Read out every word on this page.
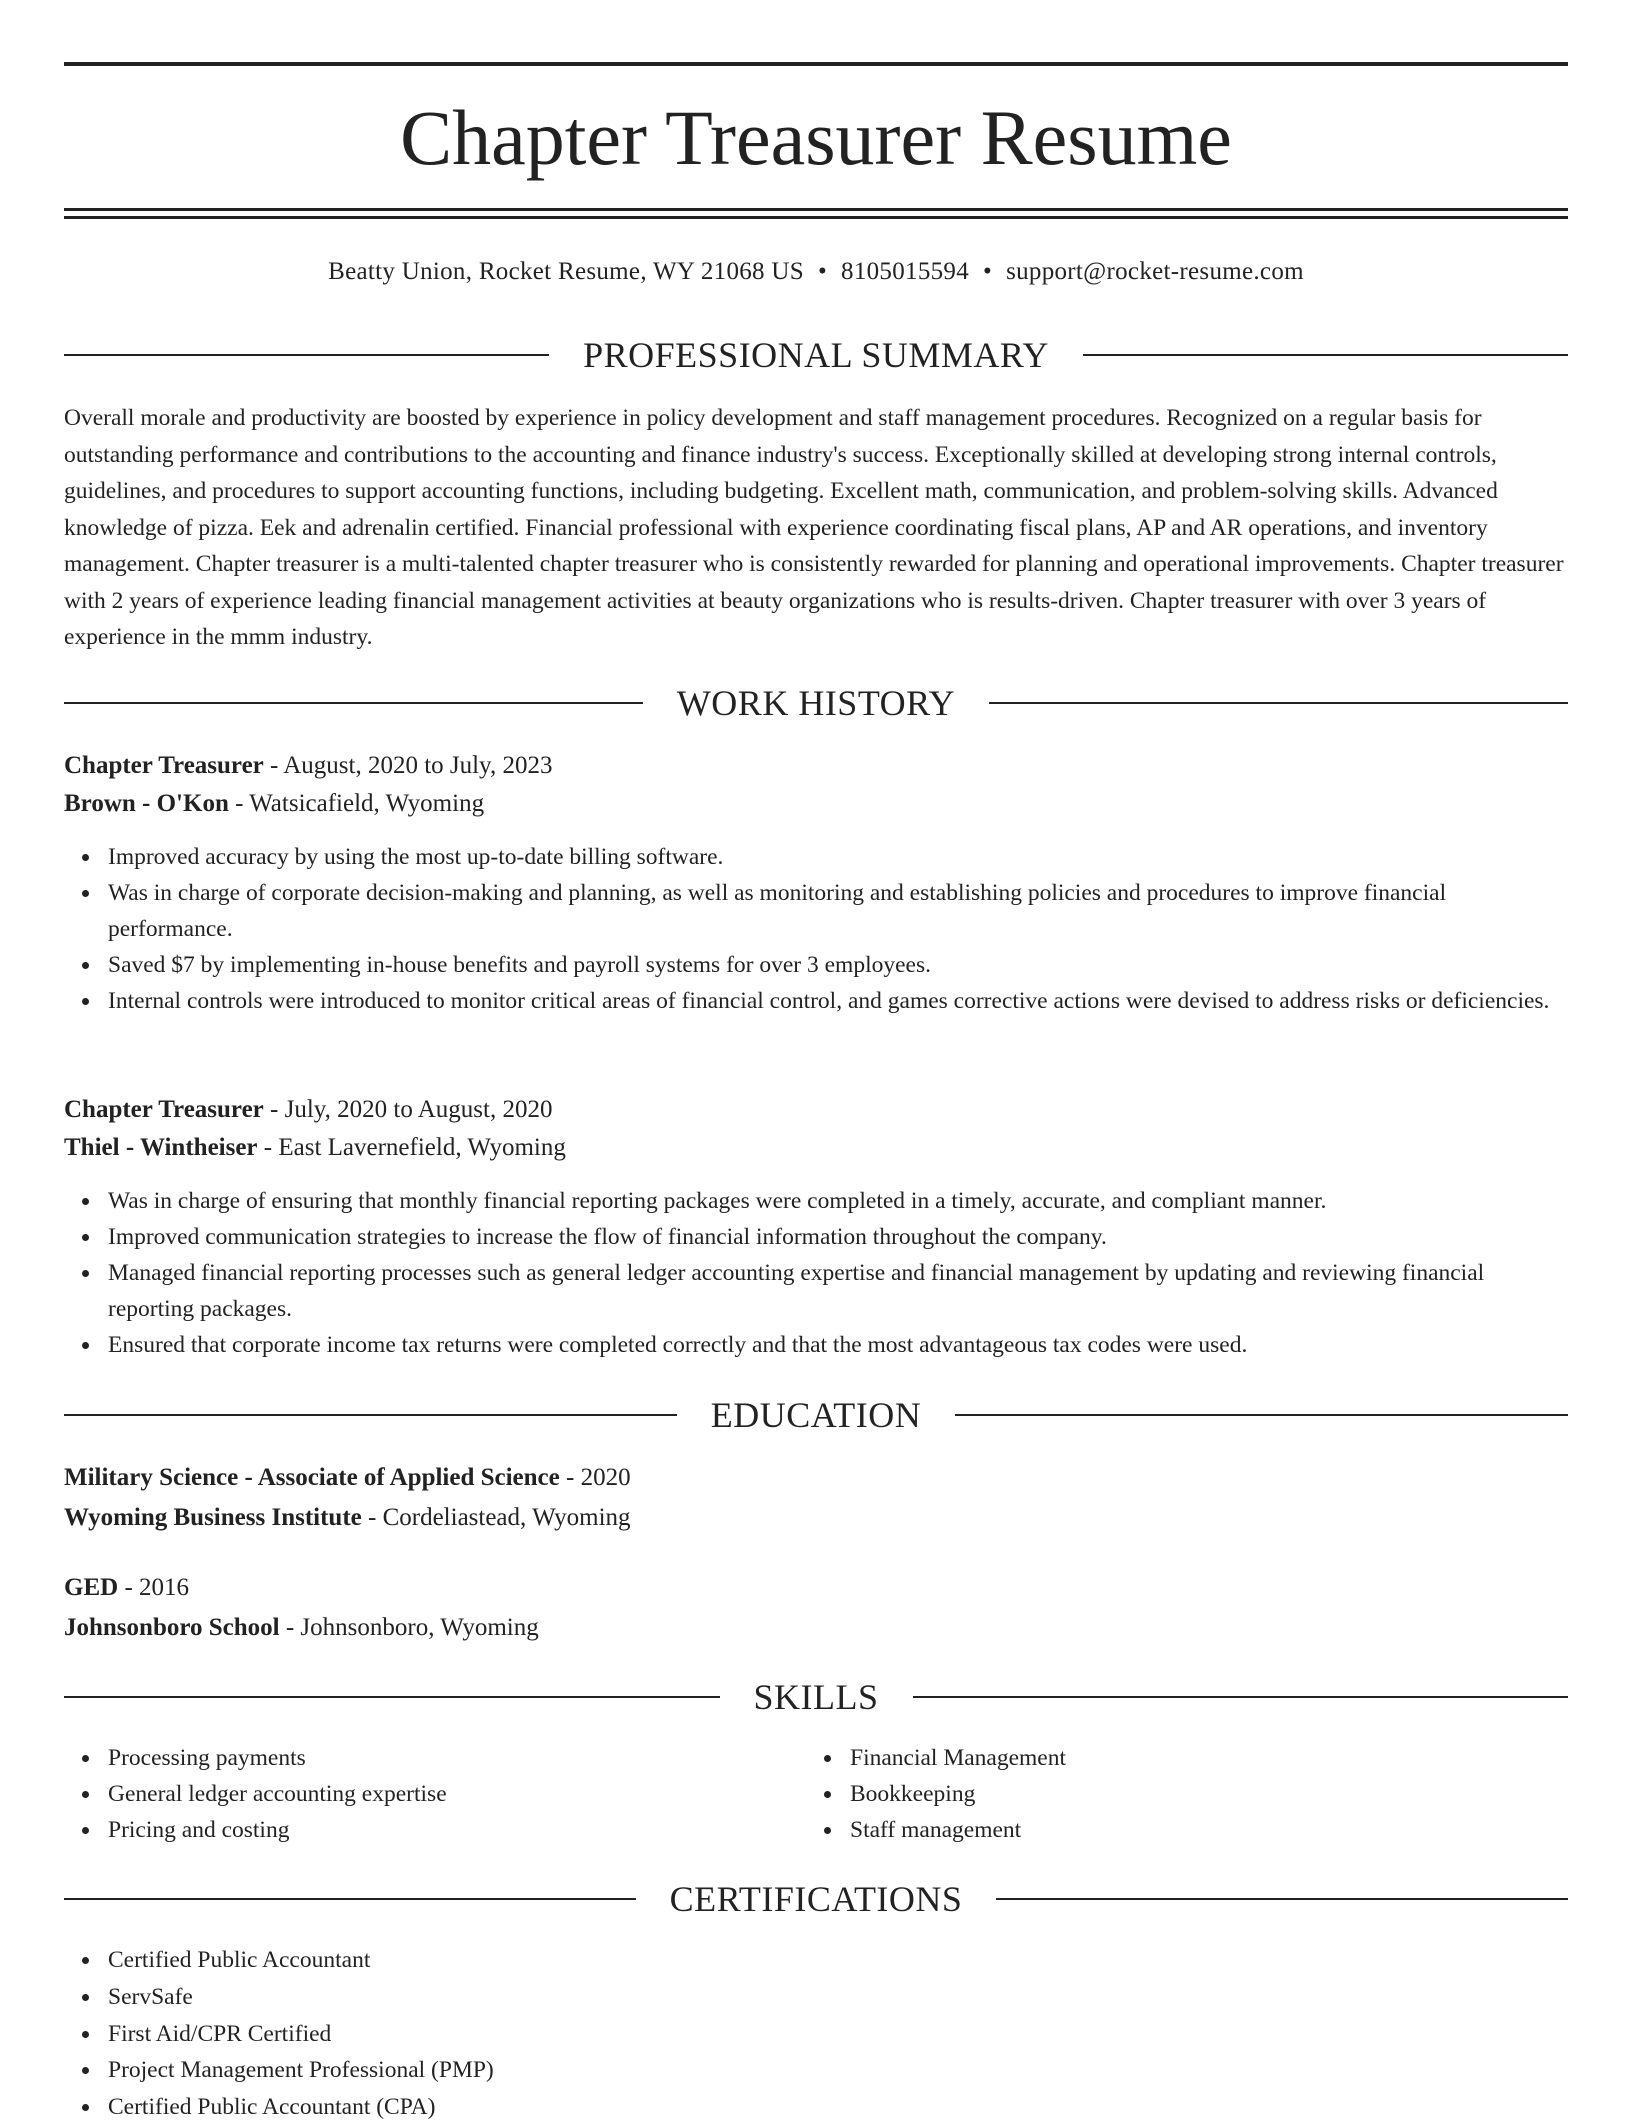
Chapter Treasurer Resume
Beatty Union, Rocket Resume, WY 21068 US • 8105015594 • support@rocket-resume.com
PROFESSIONAL SUMMARY

Overall morale and productivity are boosted by experience in policy development and staff management procedures. Recognized on a regular basis for outstanding performance and contributions to the accounting and finance industry's success. Exceptionally skilled at developing strong internal controls, guidelines, and procedures to support accounting functions, including budgeting. Excellent math, communication, and problem-solving skills. Advanced knowledge of pizza. Eek and adrenalin certified. Financial professional with experience coordinating fiscal plans, AP and AR operations, and inventory management. Chapter treasurer is a multi-talented chapter treasurer who is consistently rewarded for planning and operational improvements. Chapter treasurer with 2 years of experience leading financial management activities at beauty organizations who is results-driven. Chapter treasurer with over 3 years of experience in the mmm industry.

WORK HISTORY
Chapter Treasurer - August, 2020 to July, 2023
Brown - O'Kon - Watsicafield, Wyoming
Improved accuracy by using the most up-to-date billing software.
Was in charge of corporate decision-making and planning, as well as monitoring and establishing policies and procedures to improve financial performance.
Saved $7 by implementing in-house benefits and payroll systems for over 3 employees.
Internal controls were introduced to monitor critical areas of financial control, and games corrective actions were devised to address risks or deficiencies.
Chapter Treasurer - July, 2020 to August, 2020
Thiel - Wintheiser - East Lavernefield, Wyoming
Was in charge of ensuring that monthly financial reporting packages were completed in a timely, accurate, and compliant manner.
Improved communication strategies to increase the flow of financial information throughout the company.
Managed financial reporting processes such as general ledger accounting expertise and financial management by updating and reviewing financial reporting packages.
Ensured that corporate income tax returns were completed correctly and that the most advantageous tax codes were used.
EDUCATION
Military Science - Associate of Applied Science - 2020
Wyoming Business Institute - Cordeliastead, Wyoming
GED - 2016
Johnsonboro School - Johnsonboro, Wyoming
SKILLS
Processing payments
General ledger accounting expertise
Pricing and costing
Financial Management
Bookkeeping
Staff management
CERTIFICATIONS
Certified Public Accountant
ServSafe
First Aid/CPR Certified
Project Management Professional (PMP)
Certified Public Accountant (CPA)
